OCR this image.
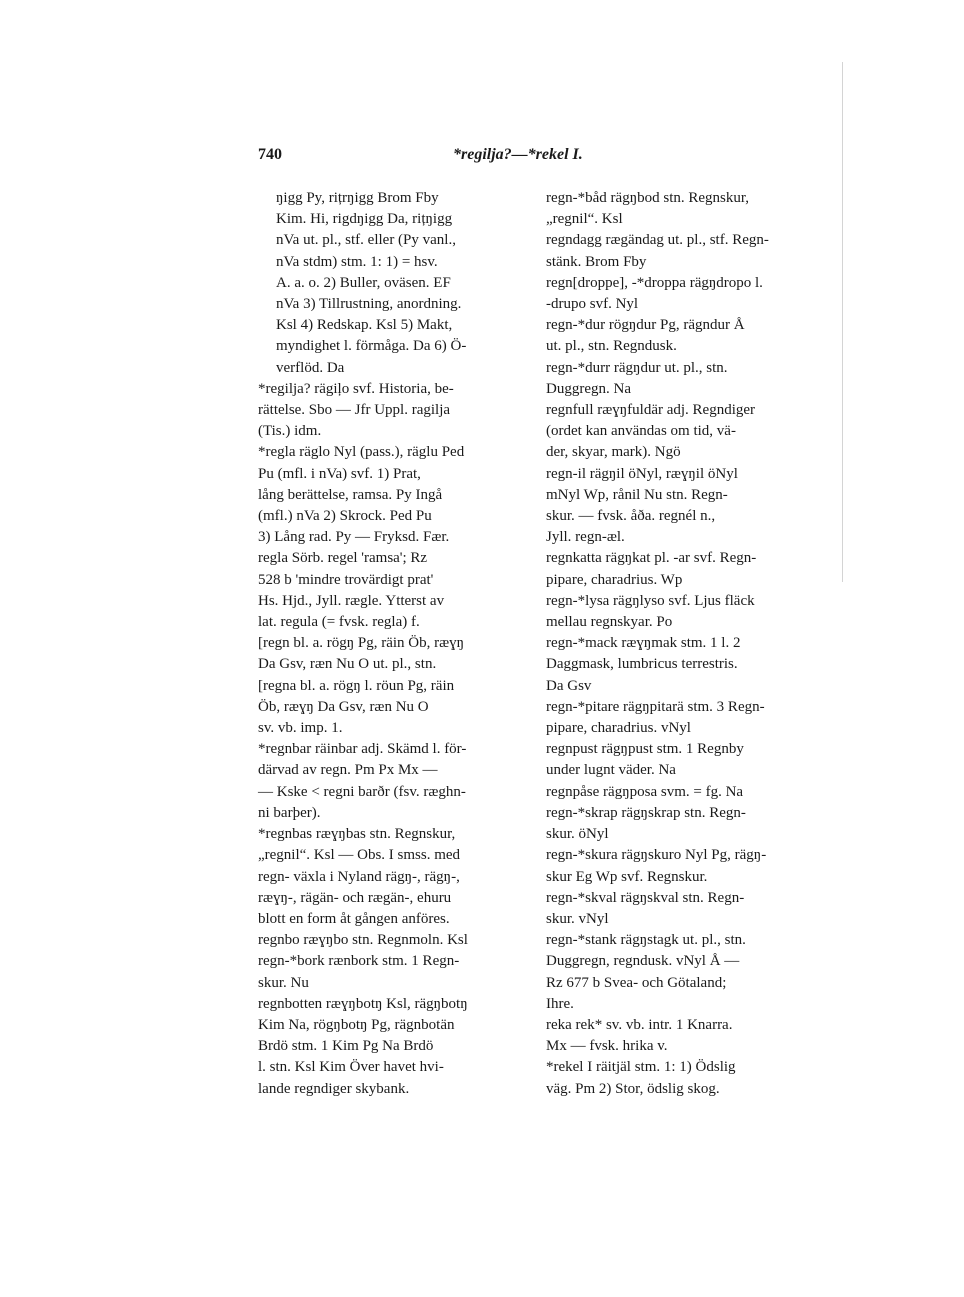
740	*regilja?—*rekel I.

ŋigg Py, rițrŋigg Brom Fby
Kim. Hi, rigdŋigg Da, rițŋigg
nVa ut. pl., stf. eller (Py vanl.,
nVa stdm) stm. 1: 1) = hsv.
A. a. o. 2) Buller, oväsen. EF
nVa 3) Tillrustning, anordning.
Ksl 4) Redskap. Ksl 5) Makt,
myndighet l. förmåga. Da 6) Ö-
verflöd. Da

*regilja? rägiļo svf. Historia, be-
rättelse. Sbo — Jfr Uppl. ragilja
(Tis.) idm.

*regla räglo Nyl (pass.), räglu Ped
Pu (mfl. i nVa) svf. 1) Prat,
lång berättelse, ramsa. Py Ingå
(mfl.) nVa 2) Skrock. Ped Pu
3) Lång rad. Py — Fryksd. Fær.
regla Sörb. regel 'ramsa'; Rz
528 b 'mindre trovärdigt prat'
Hs. Hjd., Jyll. rægle. Ytterst av
lat. regula (= fvsk. regla) f.

[regn bl. a. rögŋ Pg, räin Öb, ræɣŋ
Da Gsv, ræn Nu O ut. pl., stn.

[regna bl. a. rögŋ l. röun Pg, räin
Öb, ræɣŋ Da Gsv, ræn Nu O
sv. vb. imp. 1.

*regnbar räinbar adj. Skämd l. för-
därvad av regn. Pm Px Mx —
— Kske < regni barðr (fsv. ræghn-
ni barþer).

*regnbas ræɣŋbas stn. Regnskur,
„regnil“. Ksl — Obs. I smss. med
regn- växla i Nyland rägŋ-, rägŋ-,
ræɣŋ-, rägän- och rægän-, ehuru
blott en form åt gången anföres.

regnbo ræɣŋbo stn. Regnmoln. Ksl

regn-*bork rænbork stm. 1 Regn-
skur. Nu

regnbotten ræɣŋbotŋ Ksl, rägŋbotŋ
Kim Na, rögŋbotŋ Pg, rägnbotän
Brdö stm. 1 Kim Pg Na Brdö
l. stn. Ksl Kim Över havet hvi-
lande regndiger skybank.

regn-*båd rägŋbod stn. Regnskur,
„regnil“. Ksl

regndagg rægändag ut. pl., stf. Regn-
stänk. Brom Fby

regn[droppe], -*droppa rägŋdropo l.
-drupo svf. Nyl

regn-*dur rögŋdur Pg, rägndur Å
ut. pl., stn. Regndusk.

regn-*durr rägŋdur ut. pl., stn.
Duggregn. Na

regnfull ræɣŋfuldär adj. Regndiger
(ordet kan användas om tid, vä-
der, skyar, mark). Ngö

regn-il rägŋil öNyl, ræɣŋil öNyl
mNyl Wp, rånil Nu stn. Regn-
skur. — fvsk. åða. regnél n.,
Jyll. regn-æl.

regnkatta rägŋkat pl. -ar svf. Regn-
pipare, charadrius. Wp

regn-*lysa rägŋlyso svf. Ljus fläck
mellau regnskyar. Po

regn-*mack ræɣŋmak stm. 1 l. 2
Daggmask, lumbricus terrestris.
Da Gsv

regn-*pitare rägŋpitarä stm. 3 Regn-
pipare, charadrius. vNyl

regnpust rägŋpust stm. 1 Regnby
under lugnt väder. Na

regnpåse rägŋposa svm. = fg. Na

regn-*skrap rägŋskrap stn. Regn-
skur. öNyl

regn-*skura rägŋskuro Nyl Pg, rägŋ-
skur Eg Wp svf. Regnskur.

regn-*skval rägŋskval stn. Regn-
skur. vNyl

regn-*stank rägŋstagk ut. pl., stn.
Duggregn, regndusk. vNyl Å —
Rz 677 b Svea- och Götaland;
Ihre.

reka rek* sv. vb. intr. 1 Knarra.
Mx — fvsk. hrika v.

*rekel I räitjäl stm. 1: 1) Ödslig
väg. Pm 2) Stor, ödslig skog.
